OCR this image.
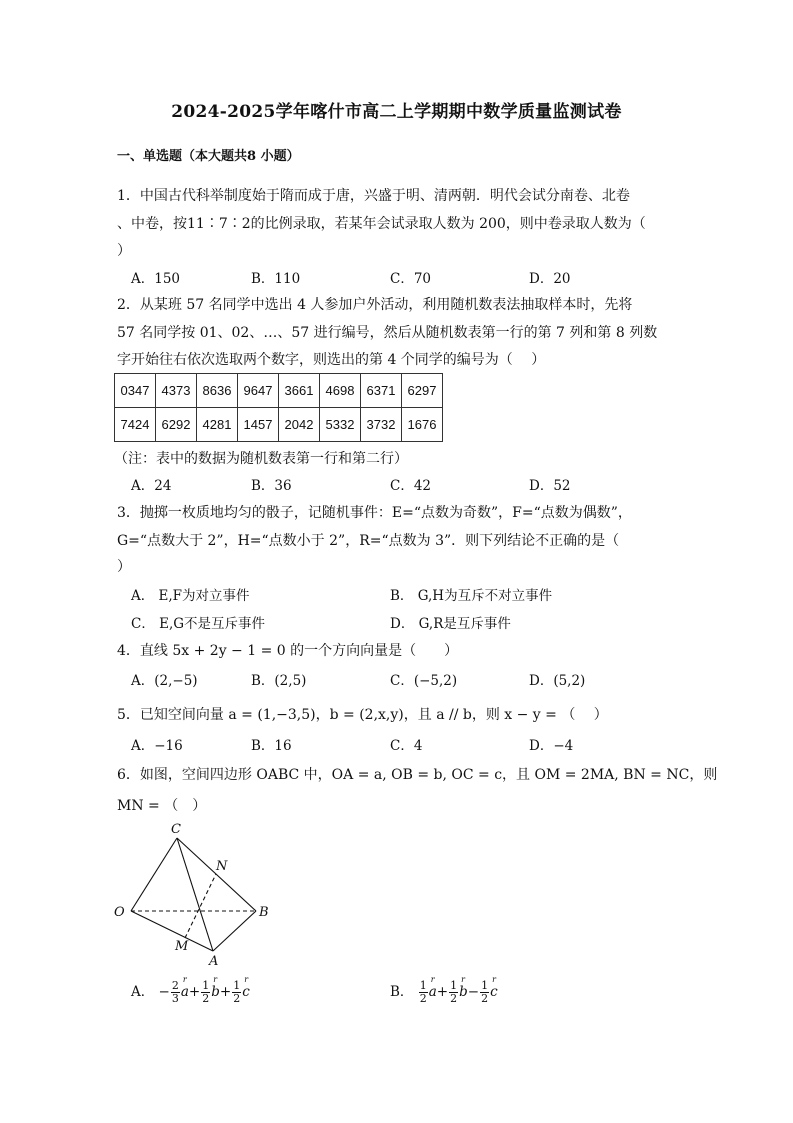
2024-2025学年喀什市高二上学期期中数学质量监测试卷
一、单选题（本大题共8 小题）
1．中国古代科举制度始于隋而成于唐，兴盛于明、清两朝．明代会试分南卷、北卷
、中卷，按11∶7∶2的比例录取，若某年会试录取人数为 200，则中卷录取人数为（
）
A．150	B．110	C．70	D．20
2．从某班 57 名同学中选出 4 人参加户外活动，利用随机数表法抽取样本时，先将
57 名同学按 01、02、…、57 进行编号，然后从随机数表第一行的第 7 列和第 8 列数
字开始往右依次选取两个数字，则选出的第 4 个同学的编号为（　 ）
0347	4373	8636	9647	3661	4698	6371	6297
7424	6292	4281	1457	2042	5332	3732	1676
（注：表中的数据为随机数表第一行和第二行）
A．24	B．36	C．42	D．52
3．抛掷一枚质地均匀的骰子，记随机事件：E=“点数为奇数”，F=“点数为偶数”，
G=“点数大于 2”，H=“点数小于 2”，R=“点数为 3”．则下列结论不正确的是（
）
A． E,F为对立事件	B． G,H为互斥不对立事件
C． E,G不是互斥事件	D． G,R是互斥事件
4．直线 5x + 2y − 1 = 0 的一个方向向量是（　　）
A．(2,−5)	B．(2,5)	C．(−5,2)	D．(5,2)
5．已知空间向量 a = (1,−3,5)，b = (2,x,y)，且 a // b，则 x − y = （　 ）
A．−16	B．16	C．4	D．−4
6．如图，空间四边形 OABC 中，OA = a, OB = b, OC = c，且 OM = 2MA, BN = NC，则
MN = （　）
C
N
O	B
M
A
A． − $\frac{2}{3}$ r $a+ \frac{1}{2}$ r $b+ \frac{1}{2}$ r c	B． $\frac{1}{2}$ r $a+ \frac{1}{2}$ r $b- \frac{1}{2}$ r c
